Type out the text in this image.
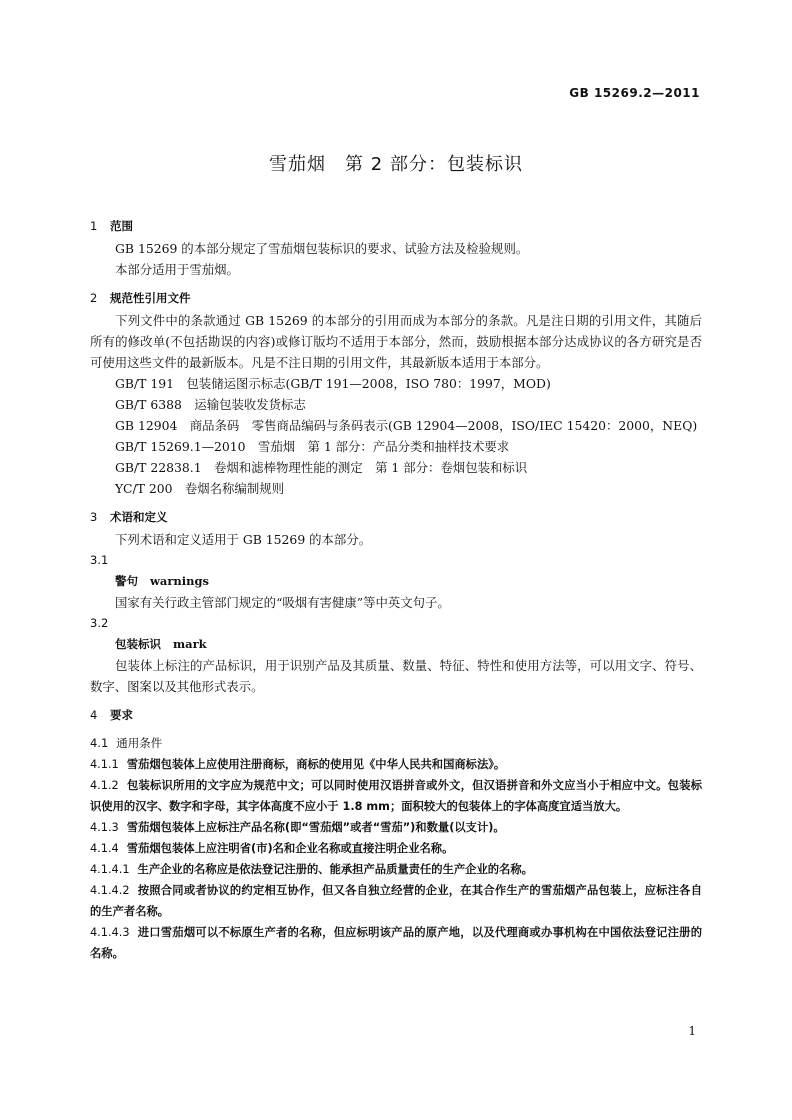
GB 15269.2—2011
雪茄烟　第 2 部分：包装标识
1 范围

GB 15269 的本部分规定了雪茄烟包装标识的要求、试验方法及检验规则。

本部分适用于雪茄烟。

2 规范性引用文件

下列文件中的条款通过 GB 15269 的本部分的引用而成为本部分的条款。凡是注日期的引用文件，其随后所有的修改单(不包括勘误的内容)或修订版均不适用于本部分，然而，鼓励根据本部分达成协议的各方研究是否可使用这些文件的最新版本。凡是不注日期的引用文件，其最新版本适用于本部分。

GB/T 191　包装储运图示标志(GB/T 191—2008，ISO 780：1997，MOD)

GB/T 6388　运输包装收发货标志

GB 12904　商品条码　零售商品编码与条码表示(GB 12904—2008，ISO/IEC 15420：2000，NEQ)

GB/T 15269.1—2010　雪茄烟　第 1 部分：产品分类和抽样技术要求

GB/T 22838.1　卷烟和滤棒物理性能的测定　第 1 部分：卷烟包装和标识

YC/T 200　卷烟名称编制规则

3 术语和定义

下列术语和定义适用于 GB 15269 的本部分。

3.1

警句 warnings

国家有关行政主管部门规定的“吸烟有害健康”等中英文句子。

3.2

包装标识 mark

包装体上标注的产品标识，用于识别产品及其质量、数量、特征、特性和使用方法等，可以用文字、符号、数字、图案以及其他形式表示。

4 要求

4.1 通用条件

4.1.1 雪茄烟包装体上应使用注册商标，商标的使用见《中华人民共和国商标法》。

4.1.2 包装标识所用的文字应为规范中文；可以同时使用汉语拼音或外文，但汉语拼音和外文应当小于相应中文。包装标识使用的汉字、数字和字母，其字体高度不应小于 1.8 mm；面积较大的包装体上的字体高度宜适当放大。

4.1.3 雪茄烟包装体上应标注产品名称(即“雪茄烟”或者“雪茄”)和数量(以支计)。

4.1.4 雪茄烟包装体上应注明省(市)名和企业名称或直接注明企业名称。

4.1.4.1 生产企业的名称应是依法登记注册的、能承担产品质量责任的生产企业的名称。

4.1.4.2 按照合同或者协议的约定相互协作，但又各自独立经营的企业，在其合作生产的雪茄烟产品包装上，应标注各自的生产者名称。

4.1.4.3 进口雪茄烟可以不标原生产者的名称，但应标明该产品的原产地，以及代理商或办事机构在中国依法登记注册的名称。

1
